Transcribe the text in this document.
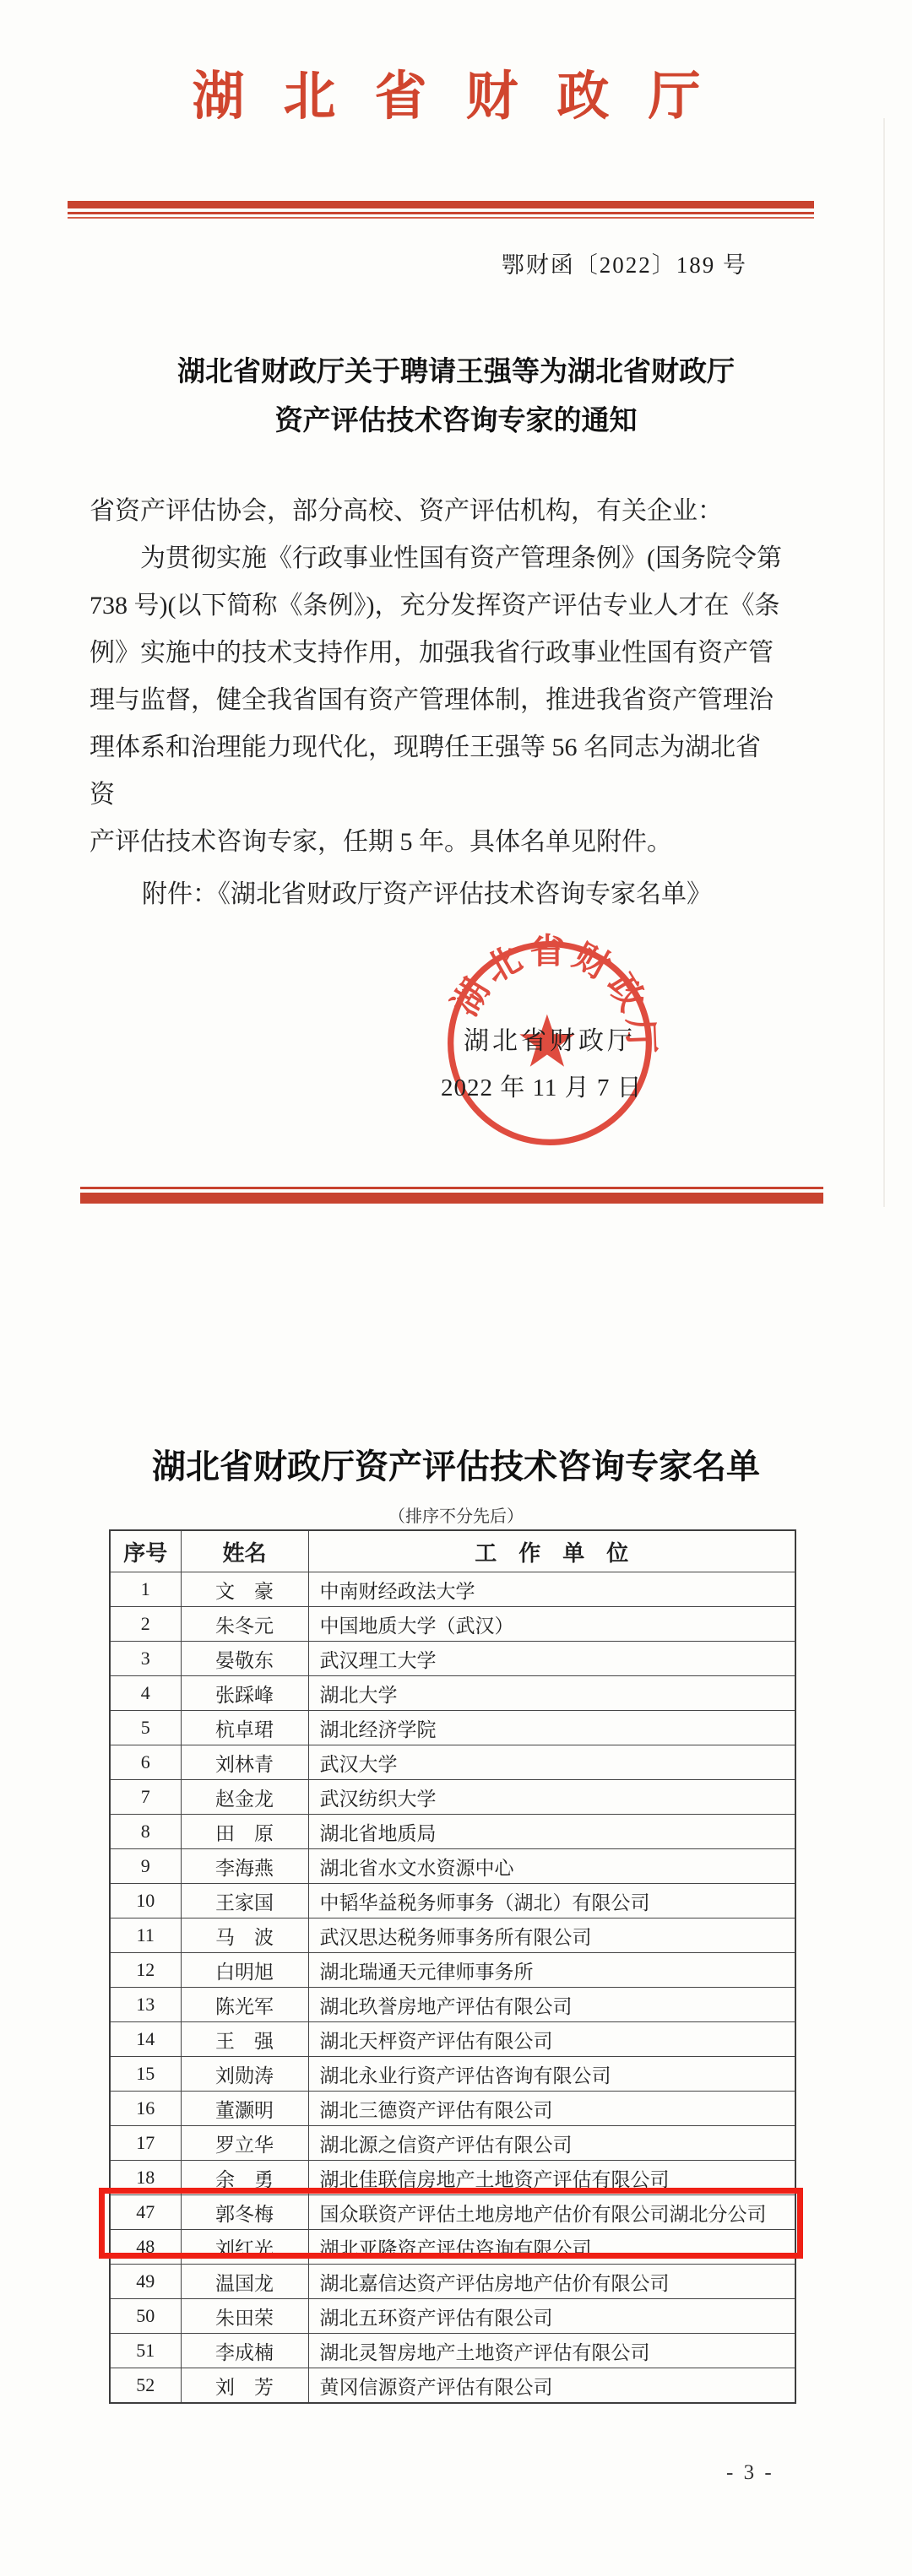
湖北省财政厅
鄂财函〔2022〕189 号
湖北省财政厅关于聘请王强等为湖北省财政厅
资产评估技术咨询专家的通知
省资产评估协会，部分高校、资产评估机构，有关企业：
　　为贯彻实施《行政事业性国有资产管理条例》(国务院令第
738 号)(以下简称《条例》)，充分发挥资产评估专业人才在《条
例》实施中的技术支持作用，加强我省行政事业性国有资产管
理与监督，健全我省国有资产管理体制，推进我省资产管理治
理体系和治理能力现代化，现聘任王强等 56 名同志为湖北省资
产评估技术咨询专家，任期 5 年。具体名单见附件。
附件：《湖北省财政厅资产评估技术咨询专家名单》
湖北省财政厅
湖北省财政厅
2022 年 11 月 7 日
湖北省财政厅资产评估技术咨询专家名单
（排序不分先后）
序号	姓名	工　作　单　位
1	文　豪	中南财经政法大学
2	朱冬元	中国地质大学（武汉）
3	晏敬东	武汉理工大学
4	张踩峰	湖北大学
5	杭卓珺	湖北经济学院
6	刘林青	武汉大学
7	赵金龙	武汉纺织大学
8	田　原	湖北省地质局
9	李海燕	湖北省水文水资源中心
10	王家国	中韬华益税务师事务（湖北）有限公司
11	马　波	武汉思达税务师事务所有限公司
12	白明旭	湖北瑞通天元律师事务所
13	陈光军	湖北玖誉房地产评估有限公司
14	王　强	湖北天枰资产评估有限公司
15	刘勋涛	湖北永业行资产评估咨询有限公司
16	董灏明	湖北三德资产评估有限公司
17	罗立华	湖北源之信资产评估有限公司
18	余　勇	湖北佳联信房地产土地资产评估有限公司
47	郭冬梅	国众联资产评估土地房地产估价有限公司湖北分公司
48	刘红光	湖北亚隆资产评估咨询有限公司
49	温国龙	湖北嘉信达资产评估房地产估价有限公司
50	朱田荣	湖北五环资产评估有限公司
51	李成楠	湖北灵智房地产土地资产评估有限公司
52	刘　芳	黄冈信源资产评估有限公司
- 3 -
